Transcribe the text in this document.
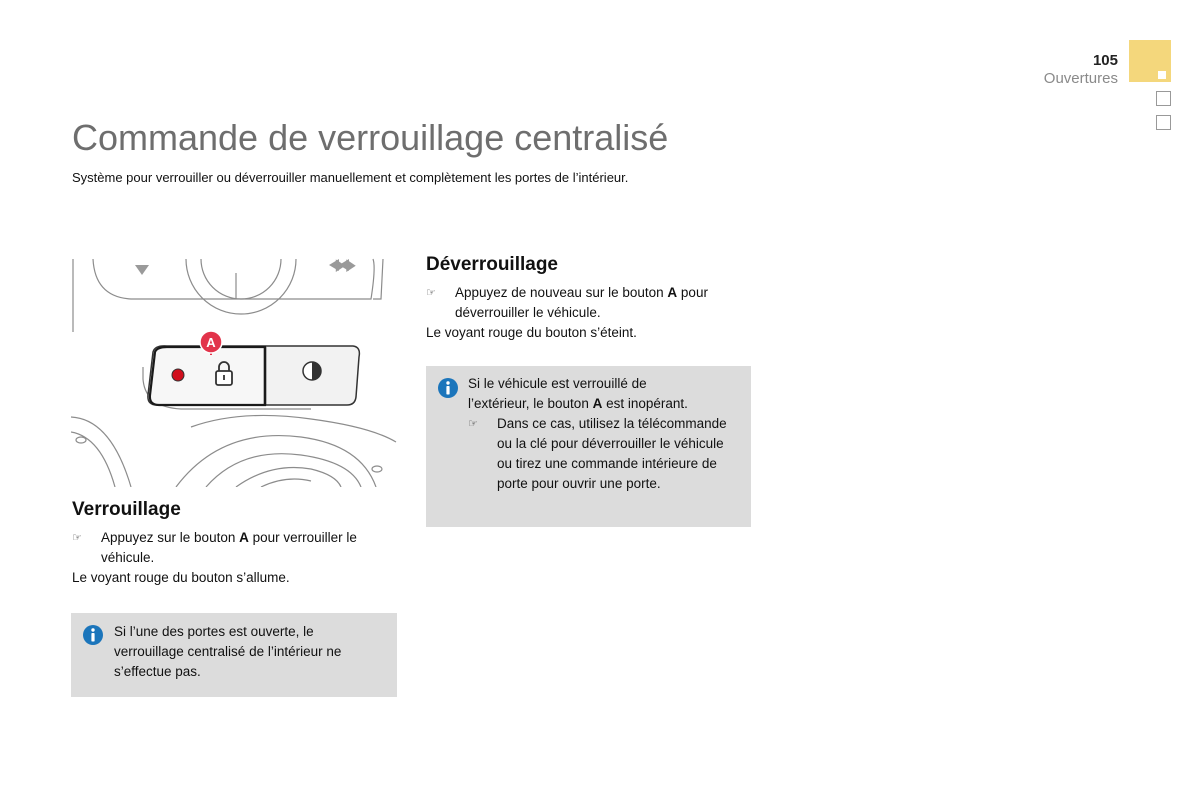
105
Ouvertures
Commande de verrouillage centralisé
Système pour verrouiller ou déverrouiller manuellement et complètement les portes de l’intérieur.
A
Verrouillage
☞	Appuyez sur le bouton A pour verrouiller le véhicule.
Le voyant rouge du bouton s’allume.
Si l’une des portes est ouverte, le verrouillage centralisé de l’intérieur ne s’effectue pas.
Déverrouillage
☞	Appuyez de nouveau sur le bouton A pour déverrouiller le véhicule.
Le voyant rouge du bouton s’éteint.
Si le véhicule est verrouillé de l’extérieur, le bouton A est inopérant.
☞	Dans ce cas, utilisez la télécommande ou la clé pour déverrouiller le véhicule ou tirez une commande intérieure de porte pour ouvrir une porte.
